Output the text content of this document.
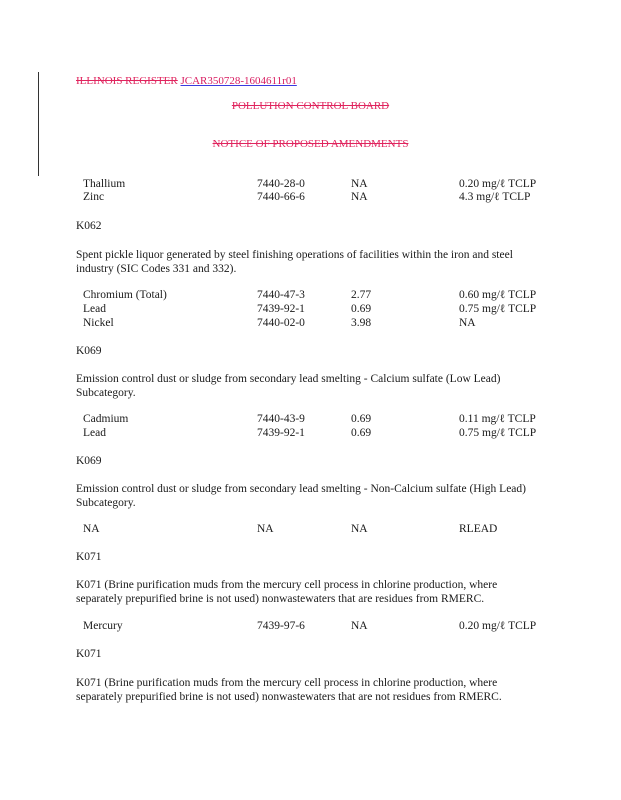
ILLINOIS REGISTER JCAR350728-1604611r01
POLLUTION CONTROL BOARD
NOTICE OF PROPOSED AMENDMENTS
Thallium	7440-28-0	NA	0.20 mg/ℓ TCLP
Zinc	7440-66-6	NA	4.3 mg/ℓ TCLP
K062
Spent pickle liquor generated by steel finishing operations of facilities within the iron and steel industry (SIC Codes 331 and 332).
Chromium (Total)	7440-47-3	2.77	0.60 mg/ℓ TCLP
Lead	7439-92-1	0.69	0.75 mg/ℓ TCLP
Nickel	7440-02-0	3.98	NA
K069
Emission control dust or sludge from secondary lead smelting - Calcium sulfate (Low Lead) Subcategory.
Cadmium	7440-43-9	0.69	0.11 mg/ℓ TCLP
Lead	7439-92-1	0.69	0.75 mg/ℓ TCLP
K069
Emission control dust or sludge from secondary lead smelting - Non-Calcium sulfate (High Lead) Subcategory.
NA	NA	NA	RLEAD
K071
K071 (Brine purification muds from the mercury cell process in chlorine production, where separately prepurified brine is not used) nonwastewaters that are residues from RMERC.
Mercury	7439-97-6	NA	0.20 mg/ℓ TCLP
K071
K071 (Brine purification muds from the mercury cell process in chlorine production, where separately prepurified brine is not used) nonwastewaters that are not residues from RMERC.
